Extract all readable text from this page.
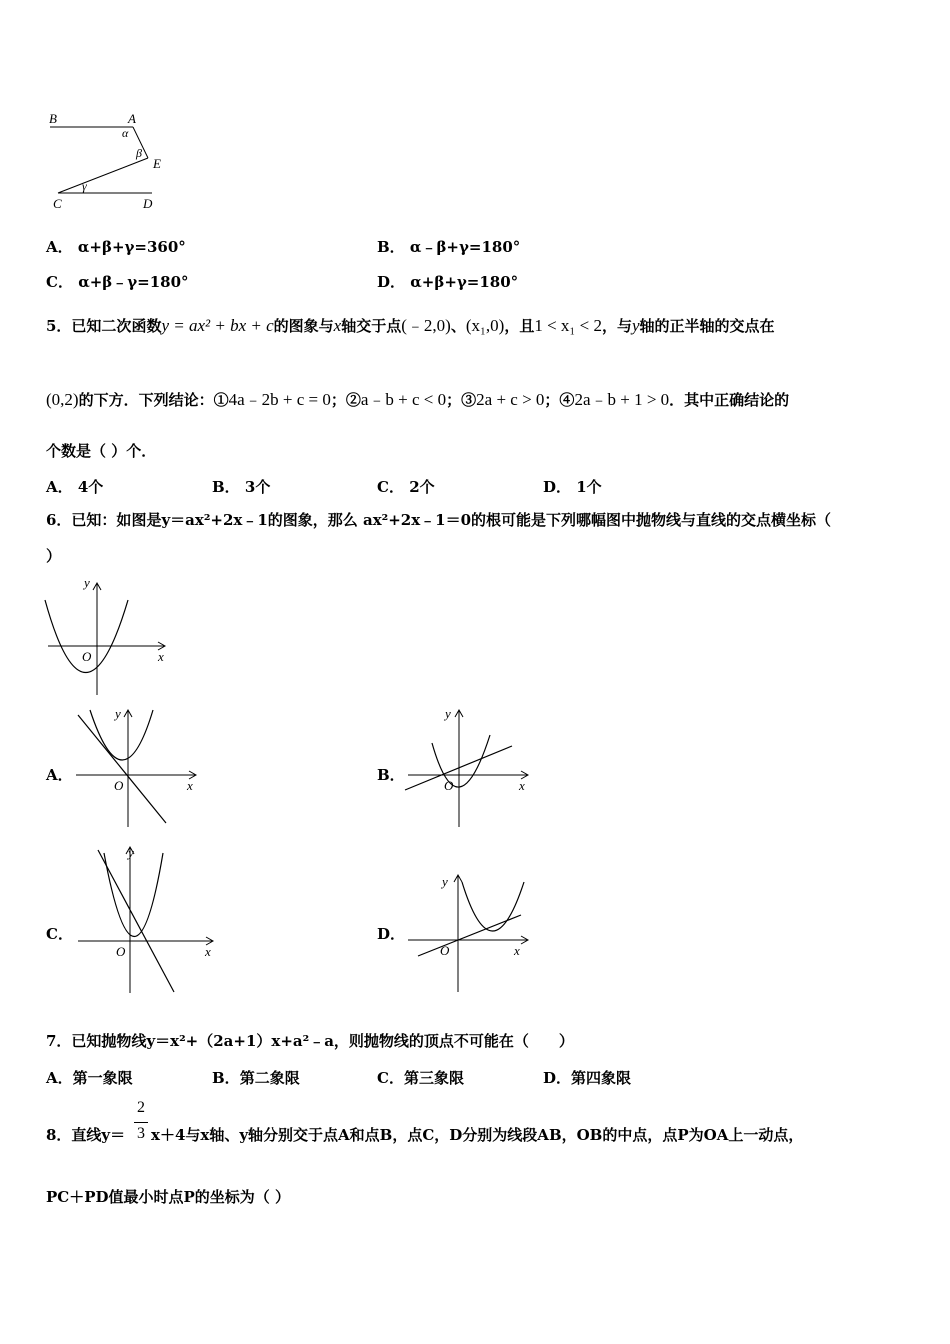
B	A
α
β
E
γ
C	D
A． α+β+γ=360°	B． α﹣β+γ=180°
C． α+β﹣γ=180°	D． α+β+γ=180°
5．已知二次函数y = ax² + bx + c的图象与x轴交于点(﹣2,0)、(x₁,0)，且1 < x₁ < 2，与y轴的正半轴的交点在
(0,2)的下方．下列结论：①4a﹣2b + c = 0；②a﹣b + c < 0；③2a + c > 0；④2a﹣b + 1 > 0．其中正确结论的
个数是（ ）个．
A． 4个	B． 3个	C． 2个	D． 1个
6．已知：如图是y＝ax²+2x﹣1的图象，那么 ax²+2x﹣1＝0的根可能是下列哪幅图中抛物线与直线的交点横坐标（
）
y
x
O
A．
y
x
O
B．
y
x
O
C．
y
x
O
D．
y
x
O
7．已知抛物线y＝x²+（2a+1）x+a²﹣a，则抛物线的顶点不可能在（　　）
A．第一象限	B．第二象限	C．第三象限	D．第四象限
8．直线y＝
2
3 x＋4与x轴、y轴分别交于点A和点B，点C，D分别为线段AB，OB的中点，点P为OA上一动点，
PC＋PD值最小时点P的坐标为（ ）
